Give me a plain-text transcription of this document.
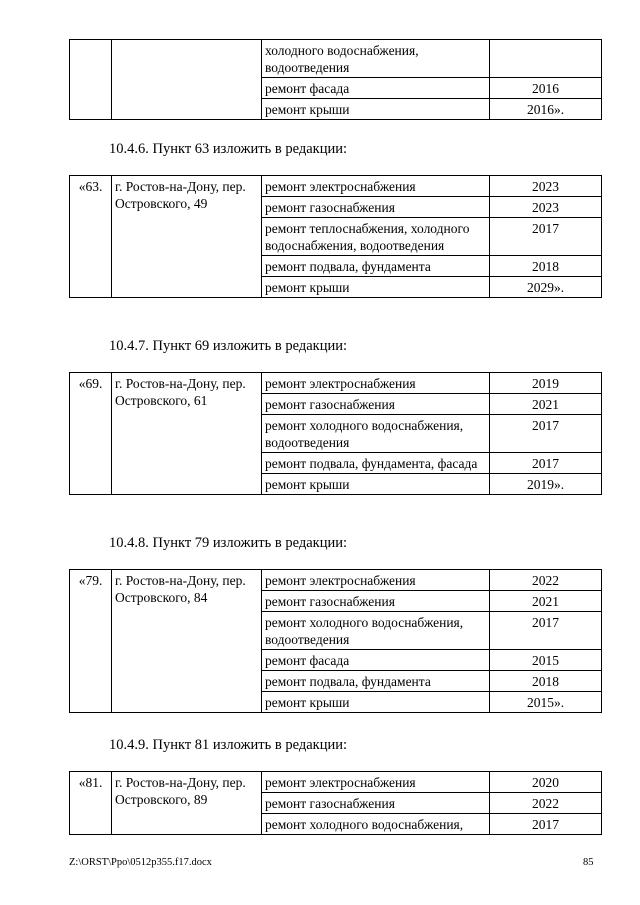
		холодного водоснабжения, водоотведения	
		ремонт фасада	2016
		ремонт крыши	2016».
10.4.6. Пункт 63 изложить в редакции:
«63.	г. Ростов-на-Дону, пер. Островского, 49	ремонт электроснабжения	2023
		ремонт газоснабжения	2023
		ремонт теплоснабжения, холодного водоснабжения, водоотведения	2017
		ремонт подвала, фундамента	2018
		ремонт крыши	2029».
10.4.7. Пункт 69 изложить в редакции:
«69.	г. Ростов-на-Дону, пер. Островского, 61	ремонт электроснабжения	2019
		ремонт газоснабжения	2021
		ремонт холодного водоснабжения, водоотведения	2017
		ремонт подвала, фундамента, фасада	2017
		ремонт крыши	2019».
10.4.8. Пункт 79 изложить в редакции:
«79.	г. Ростов-на-Дону, пер. Островского, 84	ремонт электроснабжения	2022
		ремонт газоснабжения	2021
		ремонт холодного водоснабжения, водоотведения	2017
		ремонт фасада	2015
		ремонт подвала, фундамента	2018
		ремонт крыши	2015».
10.4.9. Пункт 81 изложить в редакции:
«81.	г. Ростов-на-Дону, пер. Островского, 89	ремонт электроснабжения	2020
		ремонт газоснабжения	2022
		ремонт холодного водоснабжения,	2017
Z:\ORST\Ppo\0512p355.f17.docx	85
